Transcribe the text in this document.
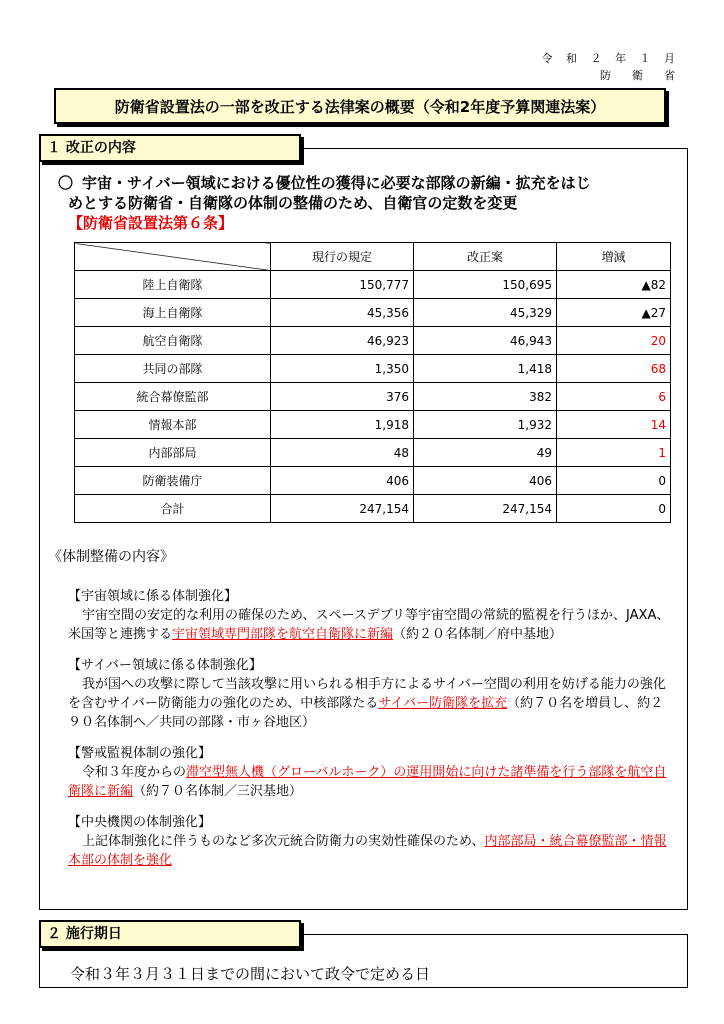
令 和 ２ 年 １ 月
防　衛　省
防衛省設置法の一部を改正する法律案の概要（令和2年度予算関連法案）
１ 改正の内容
〇 宇宙・サイバー領域における優位性の獲得に必要な部隊の新編・拡充をはじ
めとする防衛省・自衛隊の体制の整備のため、自衛官の定数を変更
【防衛省設置法第６条】
	現行の規定	改正案	増減
陸上自衛隊	150,777	150,695	▲82
海上自衛隊	45,356	45,329	▲27
航空自衛隊	46,923	46,943	20
共同の部隊	1,350	1,418	68
統合幕僚監部	376	382	6
情報本部	1,918	1,932	14
内部部局	48	49	1
防衛装備庁	406	406	0
合計	247,154	247,154	0

《体制整備の内容》

【宇宙領域に係る体制強化】

宇宙空間の安定的な利用の確保のため、スペースデブリ等宇宙空間の常続的監視を行うほか、JAXA、米国等と連携する宇宙領域専門部隊を航空自衛隊に新編（約２０名体制／府中基地）

【サイバー領域に係る体制強化】

我が国への攻撃に際して当該攻撃に用いられる相手方によるサイバー空間の利用を妨げる能力の強化を含むサイバー防衛能力の強化のため、中核部隊たるサイバー防衛隊を拡充（約７０名を増員し、約２９０名体制へ／共同の部隊・市ヶ谷地区）

【警戒監視体制の強化】

令和３年度からの滞空型無人機（グローバルホーク）の運用開始に向けた諸準備を行う部隊を航空自衛隊に新編（約７０名体制／三沢基地）

【中央機関の体制強化】

上記体制強化に伴うものなど多次元統合防衛力の実効性確保のため、内部部局・統合幕僚監部・情報本部の体制を強化

２ 施行期日
令和３年３月３１日までの間において政令で定める日
